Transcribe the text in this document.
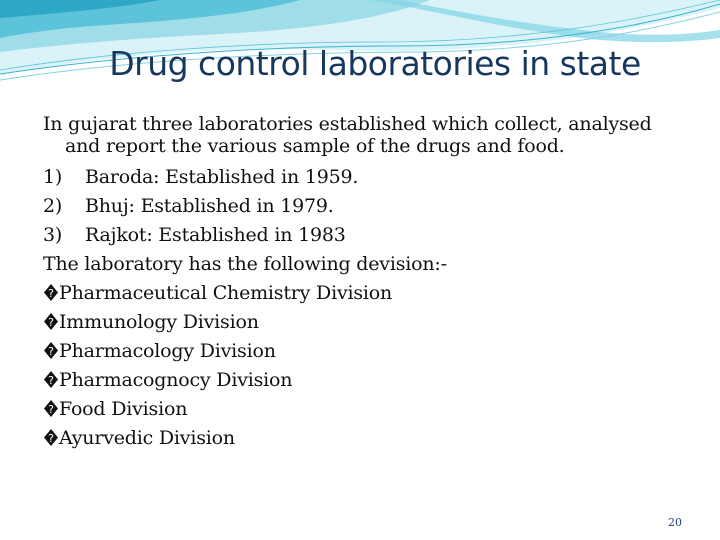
Drug control laboratories in state
In gujarat three laboratories established which collect, analysed and report the various sample of the drugs and food.
1) Baroda: Established in 1959.
2) Bhuj: Established in 1979.
3) Rajkot: Established in 1983
The laboratory has the following devision:-
? Pharmaceutical Chemistry Division
? Immunology Division
? Pharmacology Division
? Pharmacognocy Division
? Food Division
? Ayurvedic Division
20
